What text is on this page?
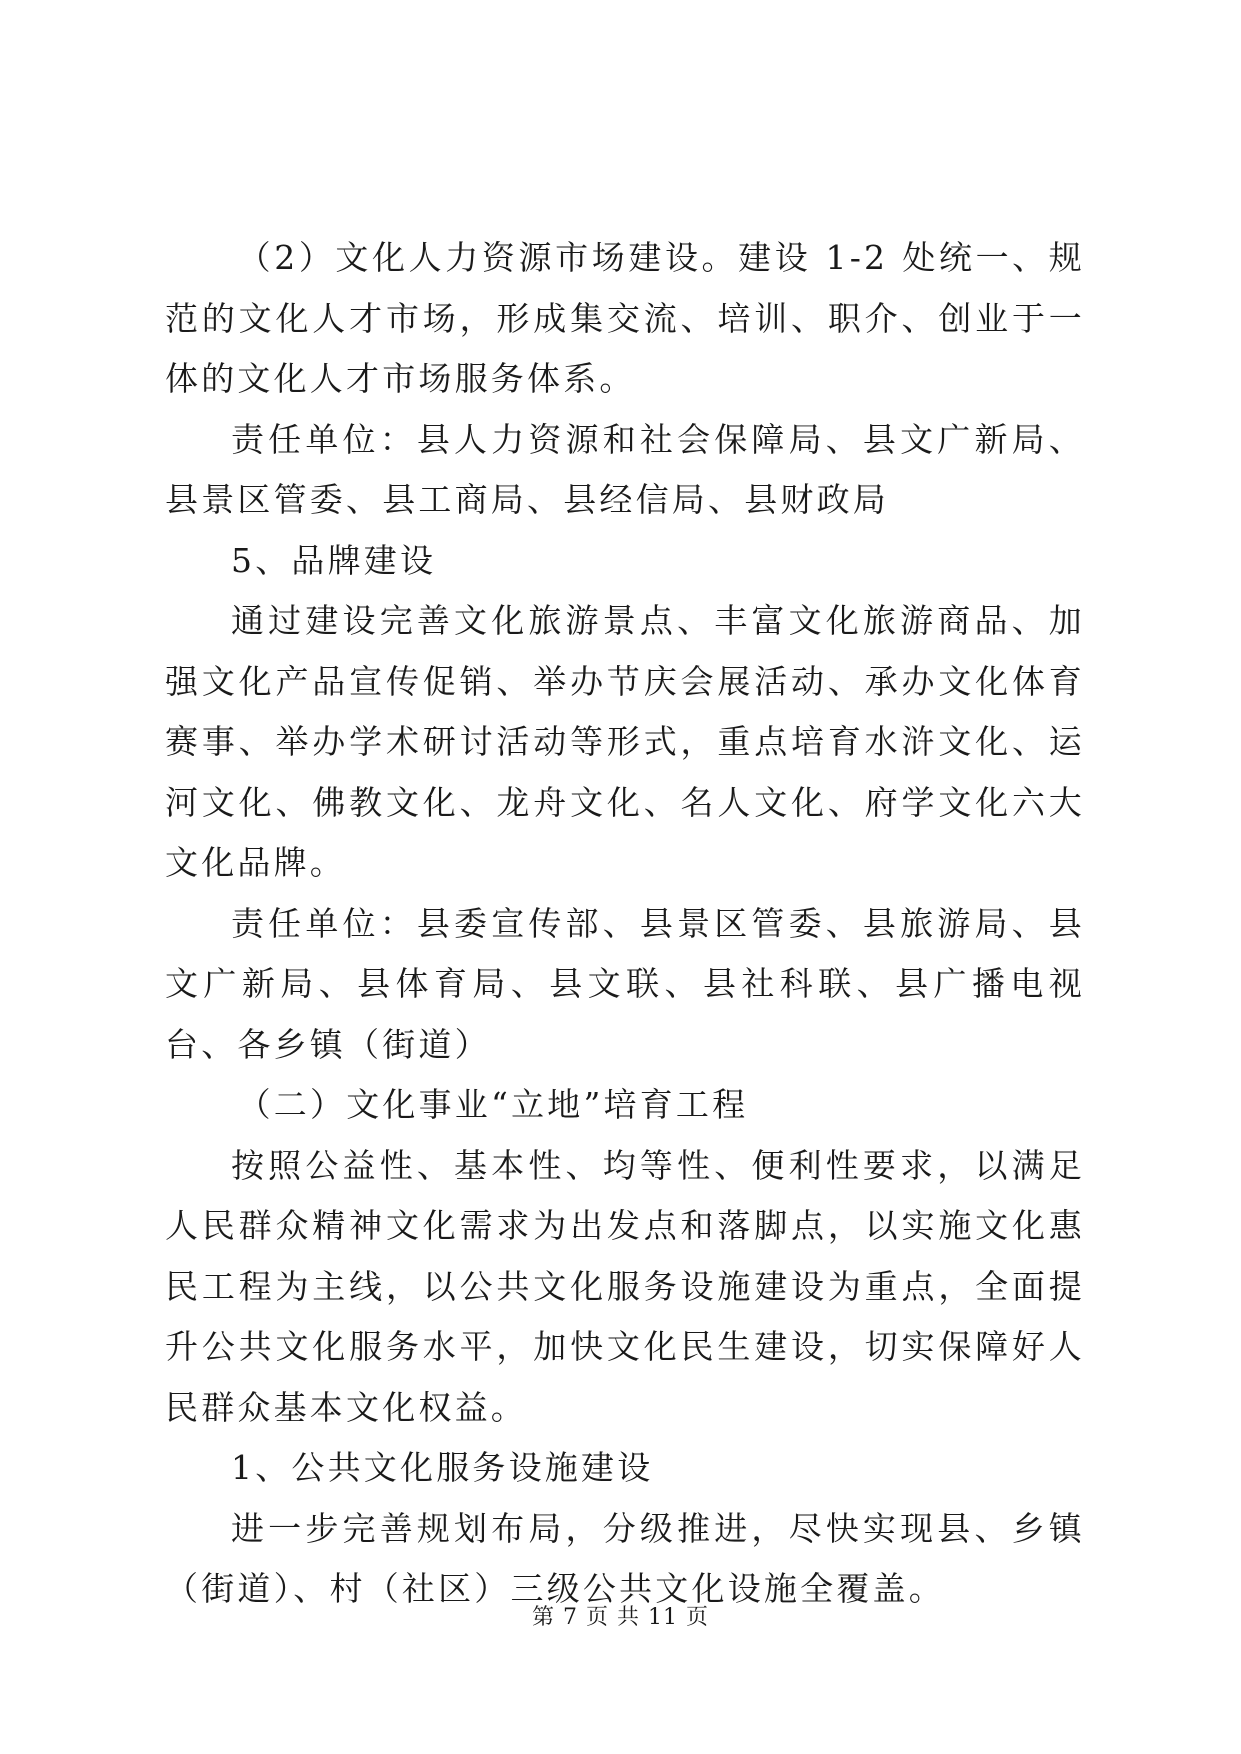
（2）文化人力资源市场建设。建设 1-2 处统一、规范的文化人才市场，形成集交流、培训、职介、创业于一体的文化人才市场服务体系。

责任单位：县人力资源和社会保障局、县文广新局、县景区管委、县工商局、县经信局、县财政局

5、品牌建设

通过建设完善文化旅游景点、丰富文化旅游商品、加强文化产品宣传促销、举办节庆会展活动、承办文化体育赛事、举办学术研讨活动等形式，重点培育水浒文化、运河文化、佛教文化、龙舟文化、名人文化、府学文化六大文化品牌。

责任单位：县委宣传部、县景区管委、县旅游局、县文广新局、县体育局、县文联、县社科联、县广播电视台、各乡镇（街道）

（二）文化事业“立地”培育工程

按照公益性、基本性、均等性、便利性要求，以满足人民群众精神文化需求为出发点和落脚点，以实施文化惠民工程为主线，以公共文化服务设施建设为重点，全面提升公共文化服务水平，加快文化民生建设，切实保障好人民群众基本文化权益。

1、公共文化服务设施建设

进一步完善规划布局，分级推进，尽快实现县、乡镇（街道）、村（社区）三级公共文化设施全覆盖。

第 7 页 共 11 页
